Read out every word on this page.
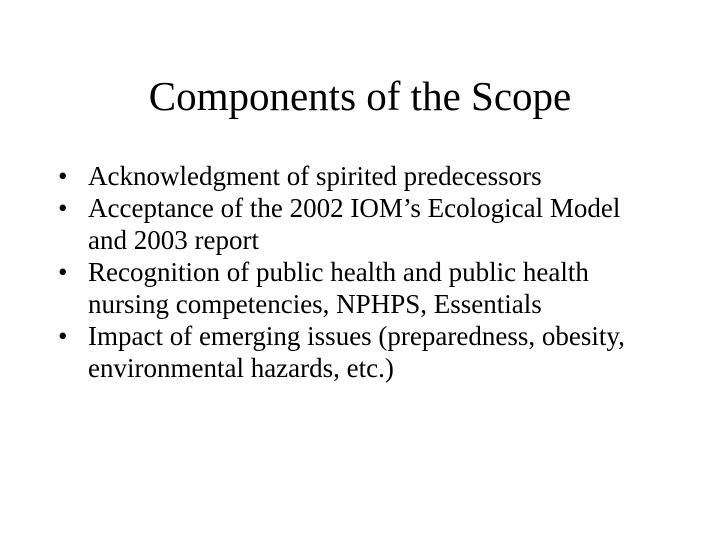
Components of the Scope
• Acknowledgment of spirited predecessors
• Acceptance of the 2002 IOM’s Ecological Model and 2003 report
• Recognition of public health and public health nursing competencies, NPHPS, Essentials
• Impact of emerging issues (preparedness, obesity, environmental hazards, etc.)
